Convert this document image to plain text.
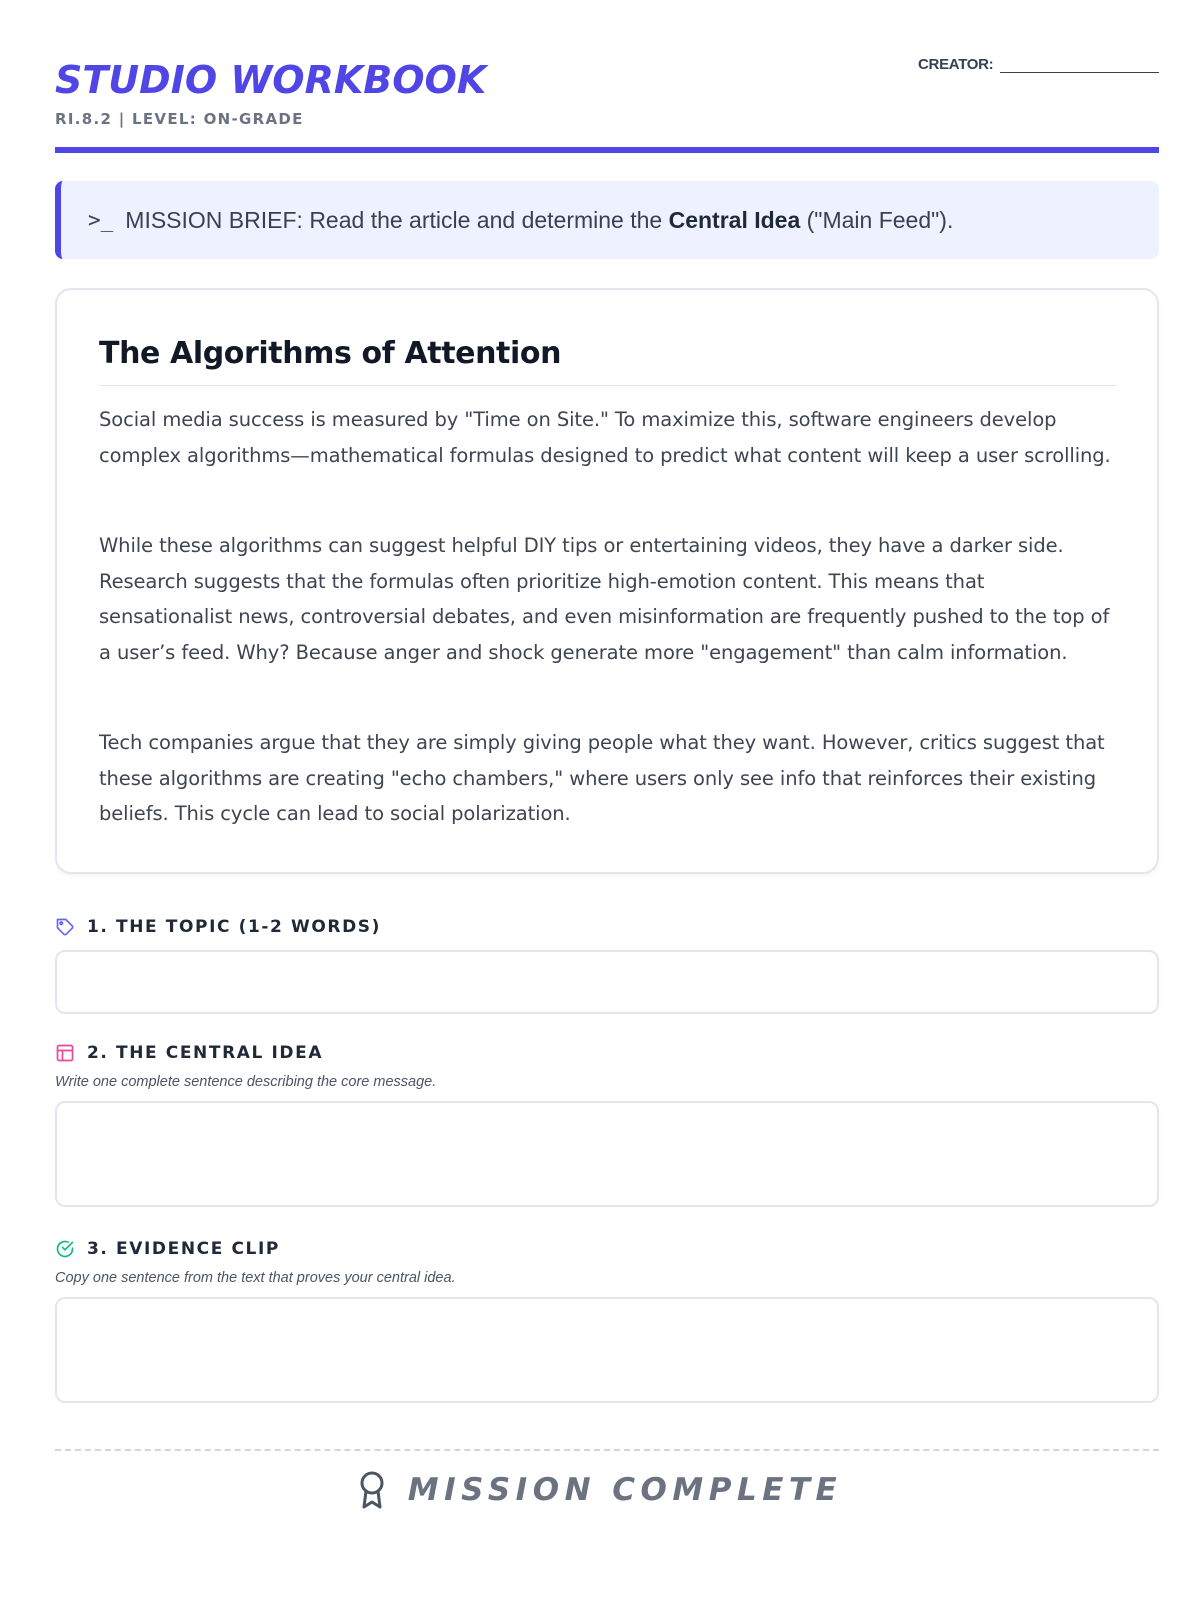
STUDIO WORKBOOK
RI.8.2 | LEVEL: ON-GRADE
CREATOR:
>_ MISSION BRIEF: Read the article and determine the Central Idea ("Main Feed").
The Algorithms of Attention
Social media success is measured by "Time on Site." To maximize this, software engineers develop complex algorithms—mathematical formulas designed to predict what content will keep a user scrolling.
While these algorithms can suggest helpful DIY tips or entertaining videos, they have a darker side. Research suggests that the formulas often prioritize high-emotion content. This means that sensationalist news, controversial debates, and even misinformation are frequently pushed to the top of a user’s feed. Why? Because anger and shock generate more "engagement" than calm information.
Tech companies argue that they are simply giving people what they want. However, critics suggest that these algorithms are creating "echo chambers," where users only see info that reinforces their existing beliefs. This cycle can lead to social polarization.
1. THE TOPIC (1-2 WORDS)
2. THE CENTRAL IDEA
Write one complete sentence describing the core message.
3. EVIDENCE CLIP
Copy one sentence from the text that proves your central idea.
MISSION COMPLETE
